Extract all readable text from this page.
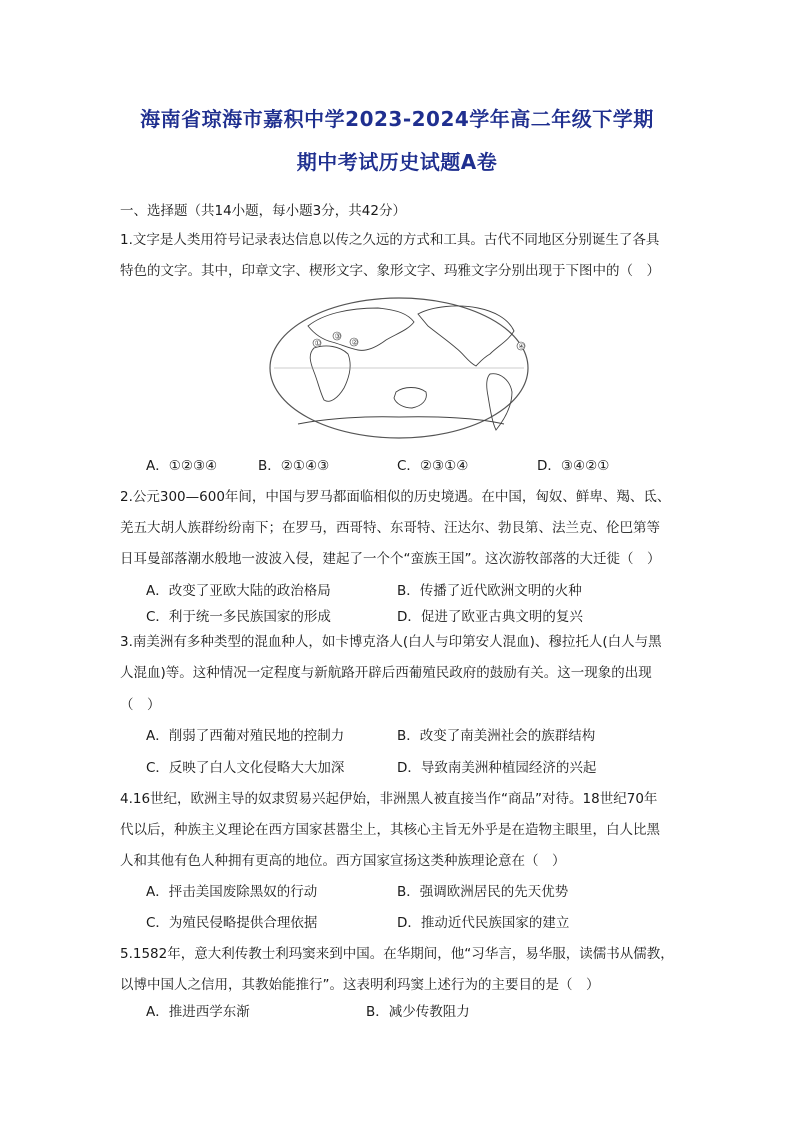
海南省琼海市嘉积中学2023-2024学年高二年级下学期
期中考试历史试题A卷
一、选择题（共14小题，每小题3分，共42分）
1.文字是人类用符号记录表达信息以传之久远的方式和工具。古代不同地区分别诞生了各具
特色的文字。其中，印章文字、楔形文字、象形文字、玛雅文字分别出现于下图中的（　）
①
③
②	④
A．①②③④	B．②①④③	C．②③①④	D．③④②①
2.公元300—600年间，中国与罗马都面临相似的历史境遇。在中国，匈奴、鲜卑、羯、氐、
羌五大胡人族群纷纷南下；在罗马，西哥特、东哥特、汪达尔、勃艮第、法兰克、伦巴第等
日耳曼部落潮水般地一波波入侵，建起了一个个“蛮族王国”。这次游牧部落的大迁徙（　）
A．改变了亚欧大陆的政治格局	B．传播了近代欧洲文明的火种
C．利于统一多民族国家的形成	D．促进了欧亚古典文明的复兴
3.南美洲有多种类型的混血种人，如卡博克洛人(白人与印第安人混血)、穆拉托人(白人与黑
人混血)等。这种情况一定程度与新航路开辟后西葡殖民政府的鼓励有关。这一现象的出现
（　）
A．削弱了西葡对殖民地的控制力	B．改变了南美洲社会的族群结构
C．反映了白人文化侵略大大加深	D．导致南美洲种植园经济的兴起
4.16世纪，欧洲主导的奴隶贸易兴起伊始，非洲黑人被直接当作“商品”对待。18世纪70年
代以后，种族主义理论在西方国家甚嚣尘上，其核心主旨无外乎是在造物主眼里，白人比黑
人和其他有色人种拥有更高的地位。西方国家宣扬这类种族理论意在（　）
A．抨击美国废除黑奴的行动	B．强调欧洲居民的先天优势
C．为殖民侵略提供合理依据	D．推动近代民族国家的建立
5.1582年，意大利传教士利玛窦来到中国。在华期间，他“习华言，易华服，读儒书从儒教，
以博中国人之信用，其教始能推行”。这表明利玛窦上述行为的主要目的是（　）
A．推进西学东渐	B．减少传教阻力
